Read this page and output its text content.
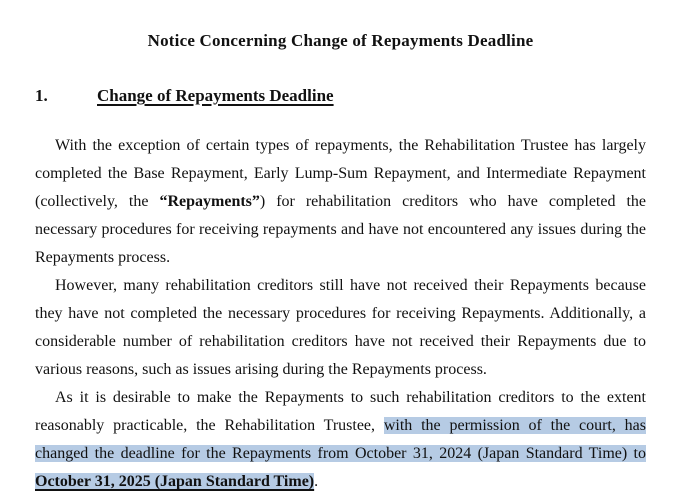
Notice Concerning Change of Repayments Deadline
1.	Change of Repayments Deadline

With the exception of certain types of repayments, the Rehabilitation Trustee has largely completed the Base Repayment, Early Lump-Sum Repayment, and Intermediate Repayment (collectively, the “Repayments”) for rehabilitation creditors who have completed the necessary procedures for receiving repayments and have not encountered any issues during the Repayments process.

However, many rehabilitation creditors still have not received their Repayments because they have not completed the necessary procedures for receiving Repayments. Additionally, a considerable number of rehabilitation creditors have not received their Repayments due to various reasons, such as issues arising during the Repayments process.

As it is desirable to make the Repayments to such rehabilitation creditors to the extent reasonably practicable, the Rehabilitation Trustee, with the permission of the court, has changed the deadline for the Repayments from October 31, 2024 (Japan Standard Time) to October 31, 2025 (Japan Standard Time).
